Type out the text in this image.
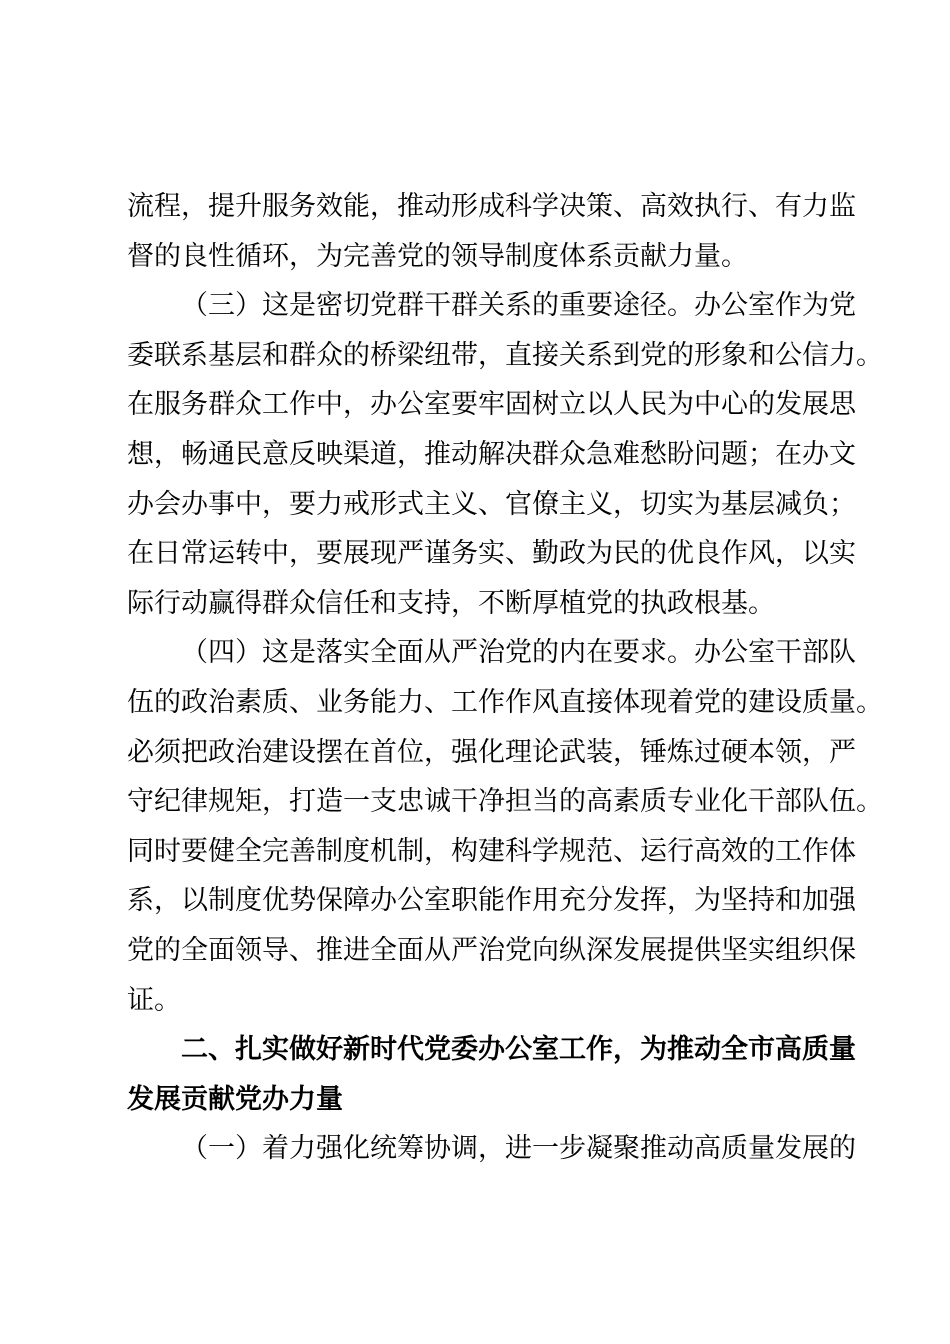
流程，提升服务效能，推动形成科学决策、高效执行、有力监
督的良性循环，为完善党的领导制度体系贡献力量。

（三）这是密切党群干群关系的重要途径。办公室作为党
委联系基层和群众的桥梁纽带，直接关系到党的形象和公信力。
在服务群众工作中，办公室要牢固树立以人民为中心的发展思
想，畅通民意反映渠道，推动解决群众急难愁盼问题；在办文
办会办事中，要力戒形式主义、官僚主义，切实为基层减负；
在日常运转中，要展现严谨务实、勤政为民的优良作风，以实
际行动赢得群众信任和支持，不断厚植党的执政根基。

（四）这是落实全面从严治党的内在要求。办公室干部队
伍的政治素质、业务能力、工作作风直接体现着党的建设质量。
必须把政治建设摆在首位，强化理论武装，锤炼过硬本领，严
守纪律规矩，打造一支忠诚干净担当的高素质专业化干部队伍。
同时要健全完善制度机制，构建科学规范、运行高效的工作体
系，以制度优势保障办公室职能作用充分发挥，为坚持和加强
党的全面领导、推进全面从严治党向纵深发展提供坚实组织保
证。

二、扎实做好新时代党委办公室工作，为推动全市高质量
发展贡献党办力量

（一）着力强化统筹协调，进一步凝聚推动高质量发展的
